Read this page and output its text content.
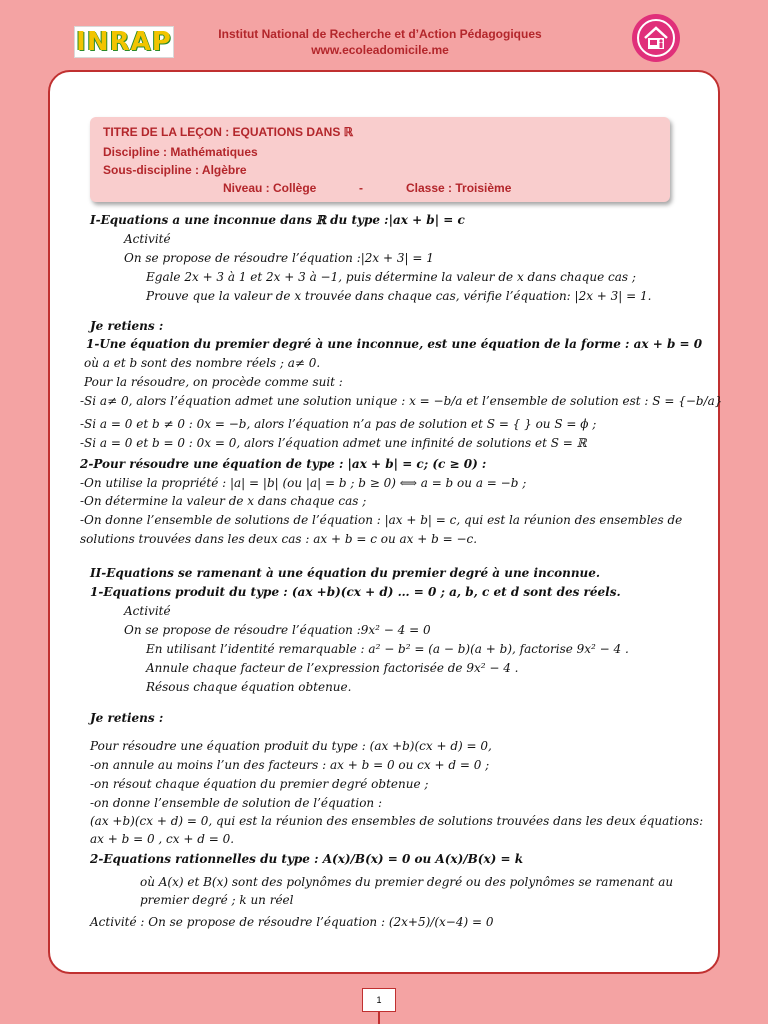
INRAP	Institut National de Recherche et d’Action Pédagogiques
www.ecoleadomicile.me
TITRE DE LA LEÇON : EQUATIONS DANS ℝ
Discipline : Mathématiques
Sous-discipline : Algèbre
Niveau : Collège	-	Classe : Troisième
I-Equations a une inconnue dans ℝ du type :|ax + b| = c
Activité
On se propose de résoudre l’équation :|2x + 3| = 1
Egale 2x + 3 à 1 et 2x + 3 à −1, puis détermine la valeur de x dans chaque cas ;
Prouve que la valeur de x trouvée dans chaque cas, vérifie l’équation: |2x + 3| = 1.
Je retiens :
1-Une équation du premier degré à une inconnue, est une équation de la forme : ax + b = 0
où a et b sont des nombre réels ; a≠ 0.
Pour la résoudre, on procède comme suit :
-Si a≠ 0, alors l’équation admet une solution unique : x = −b/a et l’ensemble de solution est : S = {−b/a}
-Si a = 0 et b ≠ 0 : 0x = −b, alors l’équation n’a pas de solution et S = { } ou S = ϕ ;
-Si a = 0 et b = 0 : 0x = 0, alors l’équation admet une infinité de solutions et S = ℝ
2-Pour résoudre une équation de type : |ax + b| = c; (c ≥ 0) :
-On utilise la propriété : |a| = |b| (ou |a| = b ; b ≥ 0) ⟺ a = b ou a = −b ;
-On détermine la valeur de x dans chaque cas ;
-On donne l’ensemble de solutions de l’équation : |ax + b| = c, qui est la réunion des ensembles de
solutions trouvées dans les deux cas : ax + b = c ou ax + b = −c.
II-Equations se ramenant à une équation du premier degré à une inconnue.
1-Equations produit du type : (ax +b)(cx + d) … = 0 ; a, b, c et d sont des réels.
Activité
On se propose de résoudre l’équation :9x² − 4 = 0
En utilisant l’identité remarquable : a² − b² = (a − b)(a + b), factorise 9x² − 4 .
Annule chaque facteur de l’expression factorisée de 9x² − 4 .
Résous chaque équation obtenue.
Je retiens :
Pour résoudre une équation produit du type : (ax +b)(cx + d) = 0,
-on annule au moins l’un des facteurs : ax + b = 0 ou cx + d = 0 ;
-on résout chaque équation du premier degré obtenue ;
-on donne l’ensemble de solution de l’équation :
(ax +b)(cx + d) = 0, qui est la réunion des ensembles de solutions trouvées dans les deux équations:
ax + b = 0 , cx + d = 0.
2-Equations rationnelles du type : A(x)/B(x) = 0 ou A(x)/B(x) = k
où A(x) et B(x) sont des polynômes du premier degré ou des polynômes se ramenant au
premier degré ; k un réel
Activité : On se propose de résoudre l’équation : (2x+5)/(x−4) = 0
1
